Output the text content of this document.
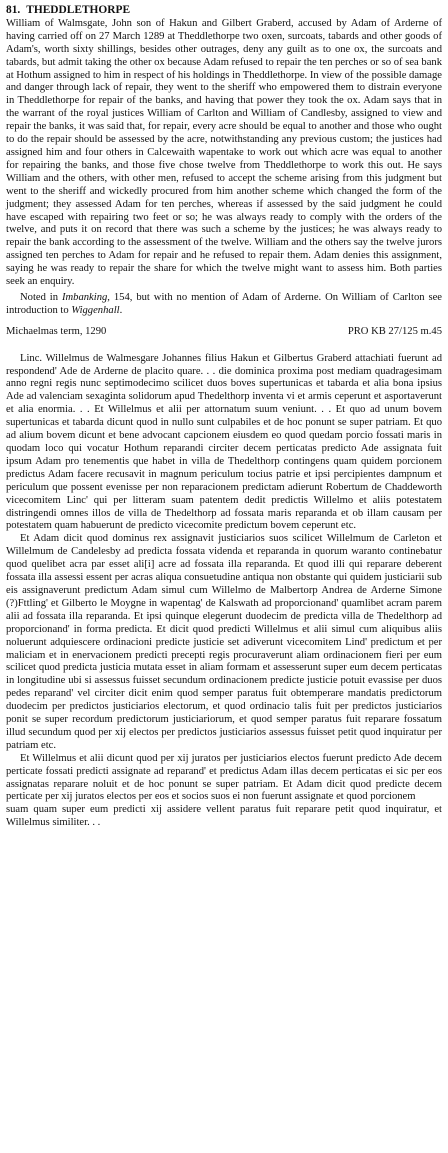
81. THEDDLETHORPE

William of Walmsgate, John son of Hakun and Gilbert Graberd, accused by Adam of Arderne of having carried off on 27 March 1289 at Theddlethorpe two oxen, surcoats, tabards and other goods of Adam's, worth sixty shillings, besides other outrages, deny any guilt as to one ox, the surcoats and tabards, but admit taking the other ox because Adam refused to repair the ten perches or so of sea bank at Hothum assigned to him in respect of his holdings in Theddlethorpe. In view of the possible damage and danger through lack of repair, they went to the sheriff who empowered them to distrain everyone in Theddlethorpe for repair of the banks, and having that power they took the ox. Adam says that in the warrant of the royal justices William of Carlton and William of Candlesby, assigned to view and repair the banks, it was said that, for repair, every acre should be equal to another and those who ought to do the repair should be assessed by the acre, notwithstanding any previous custom; the justices had assigned him and four others in Calcewaith wapentake to work out which acre was equal to another for repairing the banks, and those five chose twelve from Theddlethorpe to work this out. He says William and the others, with other men, refused to accept the scheme arising from this judgment but went to the sheriff and wickedly procured from him another scheme which changed the form of the judgment; they assessed Adam for ten perches, whereas if assessed by the said judgment he could have escaped with repairing two feet or so; he was always ready to comply with the orders of the twelve, and puts it on record that there was such a scheme by the justices; he was always ready to repair the bank according to the assessment of the twelve. William and the others say the twelve jurors assigned ten perches to Adam for repair and he refused to repair them. Adam denies this assignment, saying he was ready to repair the share for which the twelve might want to assess him. Both parties seek an enquiry.

Noted in Imbanking, 154, but with no mention of Adam of Arderne. On William of Carlton see introduction to Wiggenhall.

Michaelmas term, 1290	PRO KB 27/125 m.45

Linc. Willelmus de Walmesgare Johannes filius Hakun et Gilbertus Graberd attachiati fuerunt ad respondend' Ade de Arderne de placito quare. . . die dominica proxima post mediam quadragesimam anno regni regis nunc septimodecimo scilicet duos boves supertunicas et tabarda et alia bona ipsius Ade ad valenciam sexaginta solidorum apud Thedelthorp inventa vi et armis ceperunt et asportaverunt et alia enormia. . . Et Willelmus et alii per attornatum suum veniunt. . . Et quo ad unum bovem supertunicas et tabarda dicunt quod in nullo sunt culpabiles et de hoc ponunt se super patriam. Et quo ad alium bovem dicunt et bene advocant capcionem eiusdem eo quod quedam porcio fossati maris in quodam loco qui vocatur Hothum reparandi circiter decem perticatas predicto Ade assignata fuit ipsum Adam pro tenementis que habet in villa de Thedelthorp contingens quam quidem porcionem predictus Adam facere recusavit in magnum periculum tocius patrie et ipsi percipientes dampnum et periculum que possent evenisse per non reparacionem predictam adierunt Robertum de Chaddeworth vicecomitem Linc' qui per litteram suam patentem dedit predictis Willelmo et aliis potestatem distringendi omnes illos de villa de Thedelthorp ad fossata maris reparanda et ob illam causam per potestatem quam habuerunt de predicto vicecomite predictum bovem ceperunt etc.

Et Adam dicit quod dominus rex assignavit justiciarios suos scilicet Willelmum de Carleton et Willelmum de Candelesby ad predicta fossata videnda et reparanda in quorum waranto continebatur quod quelibet acra par esset ali[i] acre ad fossata illa reparanda. Et quod illi qui reparare deberent fossata illa assessi essent per acras aliqua consuetudine antiqua non obstante qui quidem justiciarii sub eis assignaverunt predictum Adam simul cum Willelmo de Malbertorp Andrea de Arderne Simone (?)Fttling' et Gilberto le Moygne in wapentag' de Kalswath ad proporcionand' quamlibet acram parem alii ad fossata illa reparanda. Et ipsi quinque elegerunt duodecim de predicta villa de Thedelthorp ad proporcionand' in forma predicta. Et dicit quod predicti Willelmus et alii simul cum aliquibus aliis noluerunt adquiescere ordinacioni predicte justicie set adiverunt vicecomitem Lind' predictum et per maliciam et in enervacionem predicti precepti regis procuraverunt aliam ordinacionem fieri per eum scilicet quod predicta justicia mutata esset in aliam formam et assesserunt super eum decem perticatas in longitudine ubi si assessus fuisset secundum ordinacionem predicte justicie potuit evassise per duos pedes reparand' vel circiter dicit enim quod semper paratus fuit obtemperare mandatis predictorum duodecim per predictos justiciarios electorum, et quod ordinacio talis fuit per predictos justiciarios ponit se super recordum predictorum justiciariorum, et quod semper paratus fuit reparare fossatum illud secundum quod per xij electos per predictos justiciarios assessus fuisset petit quod inquiratur per patriam etc.

Et Willelmus et alii dicunt quod per xij juratos per justiciarios electos fuerunt predicto Ade decem perticate fossati predicti assignate ad reparand' et predictus Adam illas decem perticatas ei sic per eos assignatas reparare noluit et de hoc ponunt se super patriam. Et Adam dicit quod predicte decem perticate per xij juratos electos per eos et socios suos ei non fuerunt assignate et quod porcionem

suam quam super eum predicti xij assidere vellent paratus fuit reparare petit quod inquiratur, et Willelmus similiter. . .
